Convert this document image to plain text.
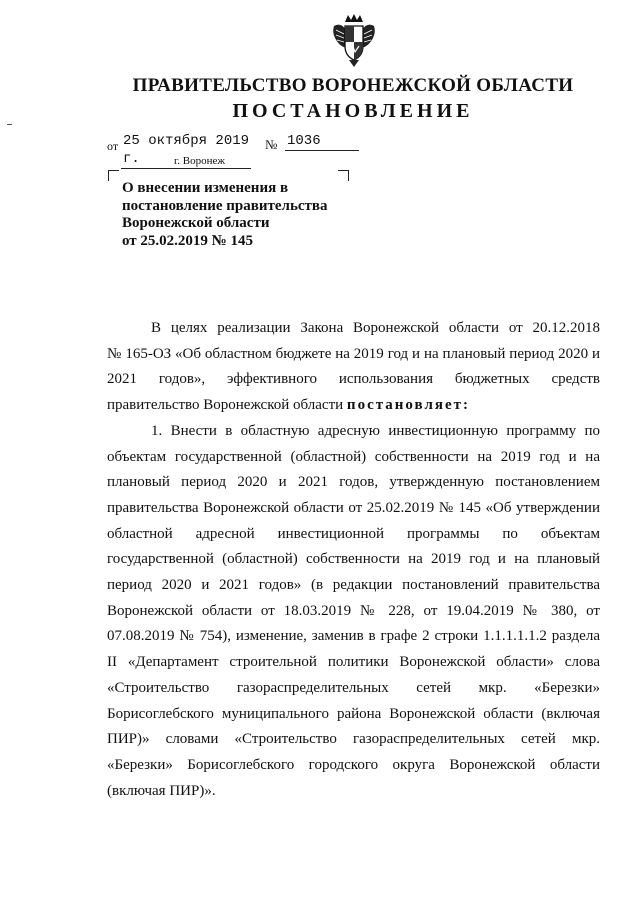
ПРАВИТЕЛЬСТВО ВОРОНЕЖСКОЙ ОБЛАСТИ
ПОСТАНОВЛЕНИЕ
от 25 октября 2019 г.
№ 1036
г. Воронеж
О внесении изменения в
постановление правительства
Воронежской области
от 25.02.2019 № 145
В целях реализации Закона Воронежской области от 20.12.2018
№ 165-ОЗ «Об областном бюджете на 2019 год и на плановый период 2020 и
2021 годов», эффективного использования бюджетных средств
правительство Воронежской области постановляет:
1. Внести в областную адресную инвестиционную программу по
объектам государственной (областной) собственности на 2019 год и на
плановый период 2020 и 2021 годов, утвержденную постановлением
правительства Воронежской области от 25.02.2019 № 145 «Об утверждении
областной адресной инвестиционной программы по объектам
государственной (областной) собственности на 2019 год и на плановый
период 2020 и 2021 годов» (в редакции постановлений правительства
Воронежской области от 18.03.2019 № 228, от 19.04.2019 № 380, от
07.08.2019 № 754), изменение, заменив в графе 2 строки 1.1.1.1.1.2 раздела
II «Департамент строительной политики Воронежской области» слова
«Строительство газораспределительных сетей мкр. «Березки»
Борисоглебского муниципального района Воронежской области (включая
ПИР)» словами «Строительство газораспределительных сетей мкр.
«Березки» Борисоглебского городского округа Воронежской области
(включая ПИР)».
